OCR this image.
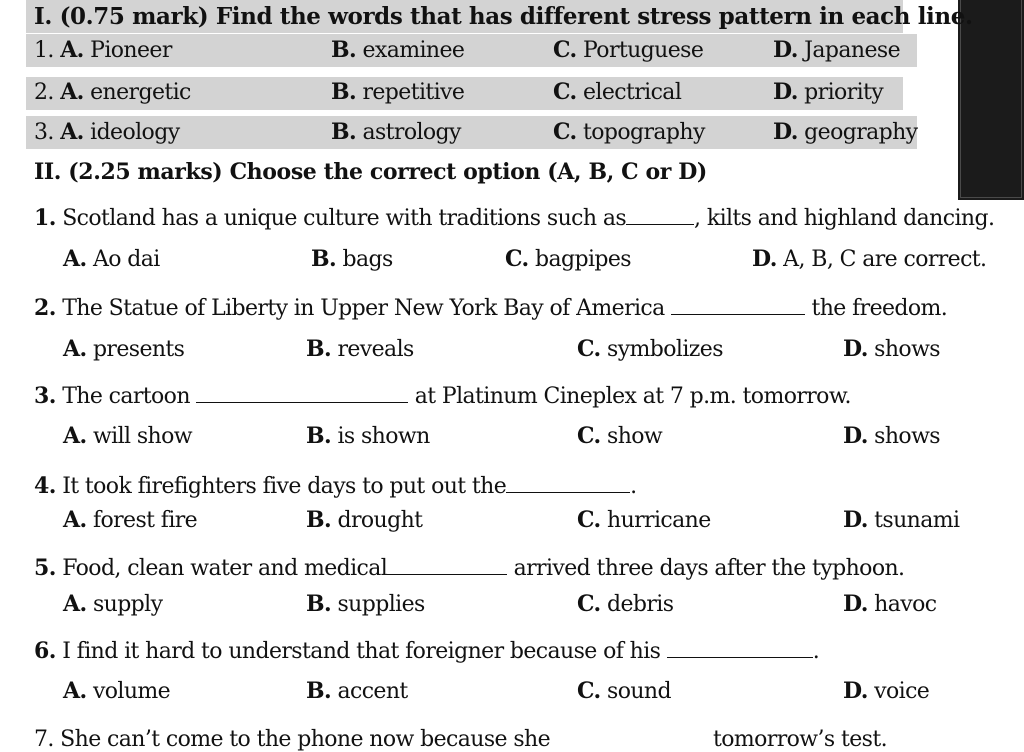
I. (0.75 mark) Find the words that has different stress pattern in each line.
1. A. Pioneer	B. examinee	C. Portuguese	D. Japanese
2. A. energetic	B. repetitive	C. electrical	D. priority
3. A. ideology	B. astrology	C. topography	D. geography
II. (2.25 marks) Choose the correct option (A, B, C or D)
1. Scotland has a unique culture with traditions such as	, kilts and highland dancing.
A. Ao dai	B. bags	C. bagpipes	D. A, B, C are correct.
2. The Statue of Liberty in Upper New York Bay of America	the freedom.
A. presents	B. reveals	C. symbolizes	D. shows
3. The cartoon	at Platinum Cineplex at 7 p.m. tomorrow.
A. will show	B. is shown	C. show	D. shows
4. It took firefighters five days to put out the	.
A. forest fire	B. drought	C. hurricane	D. tsunami
5. Food, clean water and medical	arrived three days after the typhoon.
A. supply	B. supplies	C. debris	D. havoc
6. I find it hard to understand that foreigner because of his	.
A. volume	B. accent	C. sound	D. voice
7. She can’t come to the phone now because she	tomorrow’s test.
